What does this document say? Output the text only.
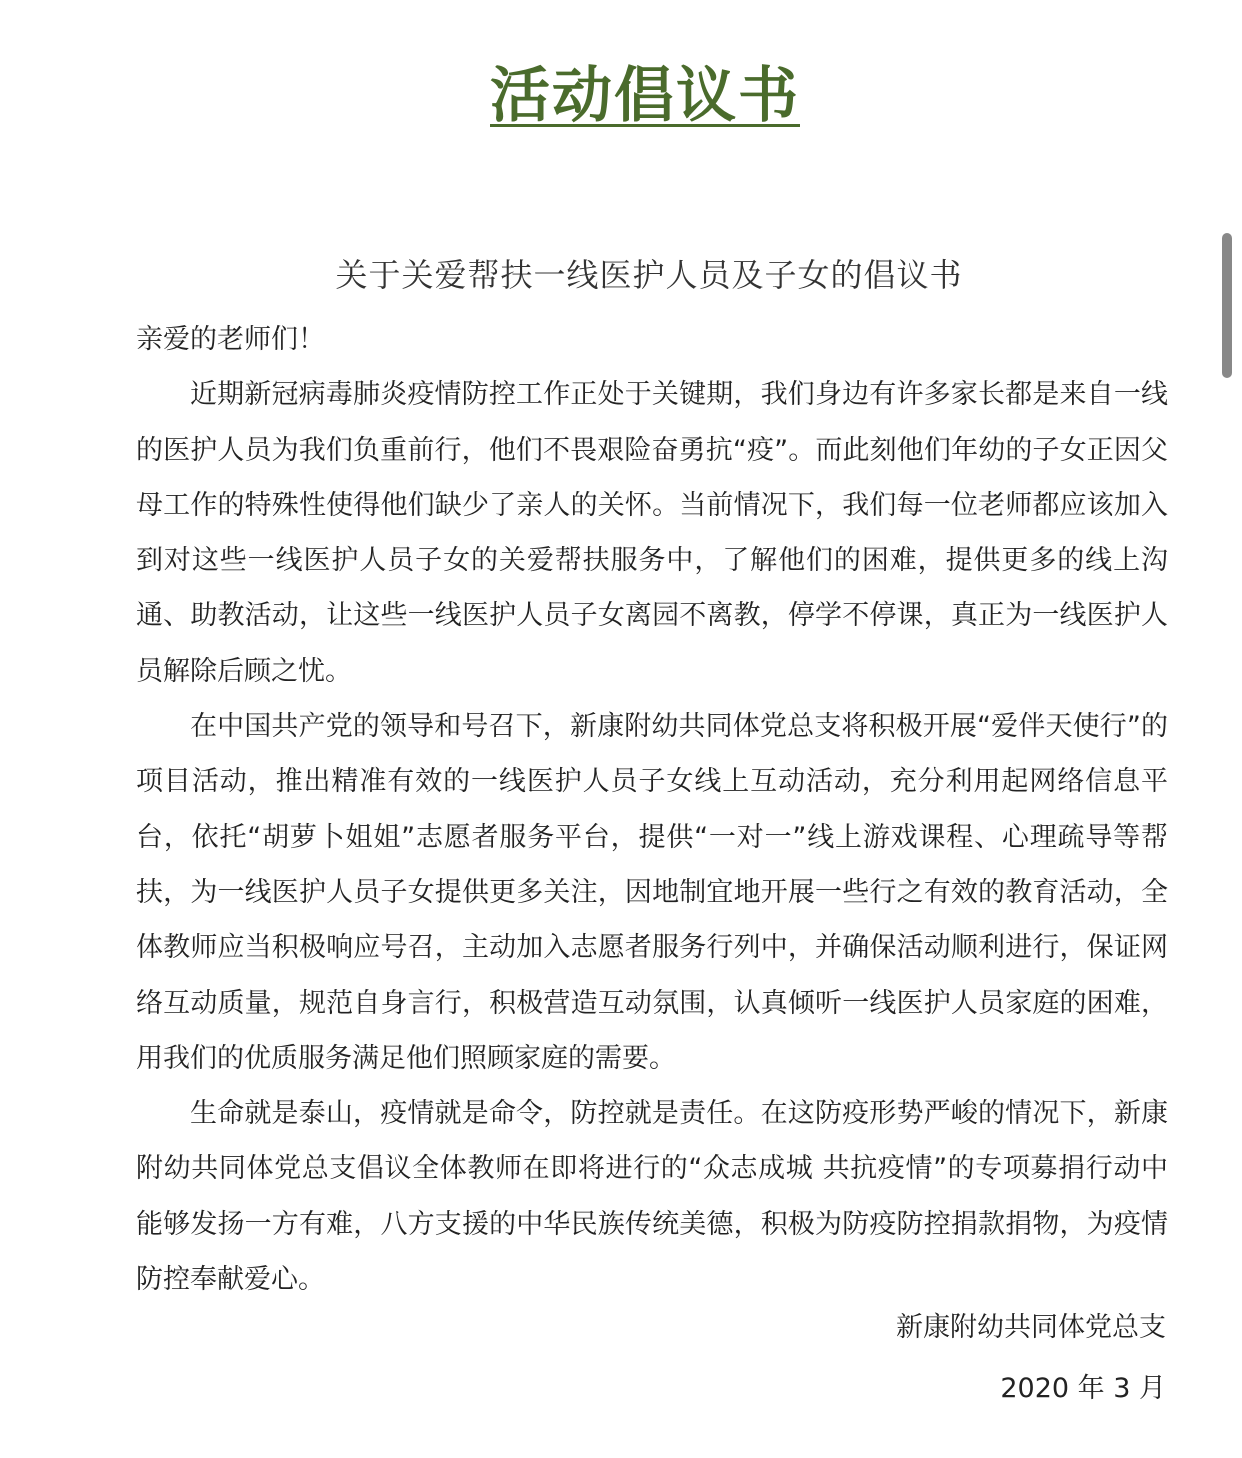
活动倡议书
关于关爱帮扶一线医护人员及子女的倡议书

亲爱的老师们！

近期新冠病毒肺炎疫情防控工作正处于关键期，我们身边有许多家长都是来自一线的医护人员为我们负重前行，他们不畏艰险奋勇抗“疫”。而此刻他们年幼的子女正因父母工作的特殊性使得他们缺少了亲人的关怀。当前情况下，我们每一位老师都应该加入到对这些一线医护人员子女的关爱帮扶服务中，了解他们的困难，提供更多的线上沟通、助教活动，让这些一线医护人员子女离园不离教，停学不停课，真正为一线医护人员解除后顾之忧。

在中国共产党的领导和号召下，新康附幼共同体党总支将积极开展“爱伴天使行”的项目活动，推出精准有效的一线医护人员子女线上互动活动，充分利用起网络信息平台，依托“胡萝卜姐姐”志愿者服务平台，提供“一对一”线上游戏课程、心理疏导等帮扶，为一线医护人员子女提供更多关注，因地制宜地开展一些行之有效的教育活动，全体教师应当积极响应号召，主动加入志愿者服务行列中，并确保活动顺利进行，保证网络互动质量，规范自身言行，积极营造互动氛围，认真倾听一线医护人员家庭的困难，用我们的优质服务满足他们照顾家庭的需要。

生命就是泰山，疫情就是命令，防控就是责任。在这防疫形势严峻的情况下，新康附幼共同体党总支倡议全体教师在即将进行的“众志成城 共抗疫情”的专项募捐行动中能够发扬一方有难，八方支援的中华民族传统美德，积极为防疫防控捐款捐物，为疫情防控奉献爱心。

新康附幼共同体党总支
2020 年 3 月
